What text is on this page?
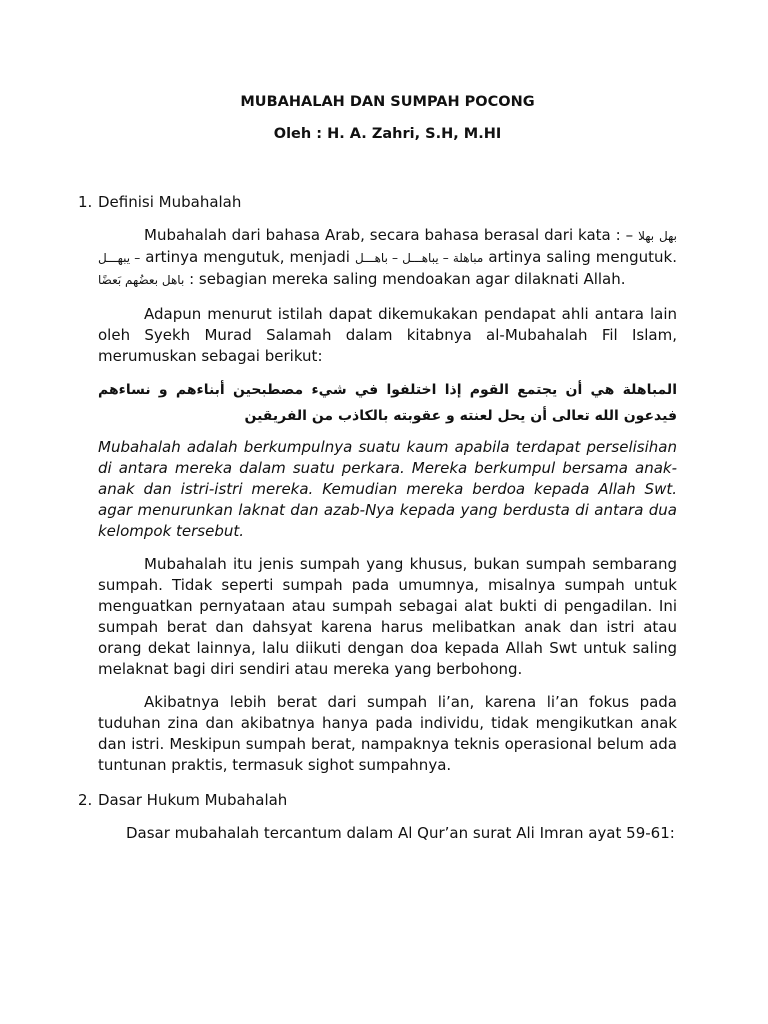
MUBAHALAH DAN SUMPAH POCONG
Oleh : H. A. Zahri, S.H, M.HI
1. Definisi Mubahalah

Mubahalah dari bahasa Arab, secara bahasa berasal dari kata : – بهل بهلا – يبهـــل artinya mengutuk, menjadi مباهلة – يباهـــل – باهـــل artinya saling mengutuk. باهل بعضُهم بَعضًا : sebagian mereka saling mendoakan agar dilaknati Allah.

Adapun menurut istilah dapat dikemukakan pendapat ahli antara lain oleh Syekh Murad Salamah dalam kitabnya al-Mubahalah Fil Islam, merumuskan sebagai berikut:

المباهلة هي أن يجتمع القوم إذا اختلفوا في شيء مصطبحين أبناءهم و نساءهم فيدعون الله تعالى أن يحل لعنته و عقوبته بالكاذب من الفريقين

Mubahalah adalah berkumpulnya suatu kaum apabila terdapat perselisihan di antara mereka dalam suatu perkara. Mereka berkumpul bersama anak-anak dan istri-istri mereka. Kemudian mereka berdoa kepada Allah Swt. agar menurunkan laknat dan azab-Nya kepada yang berdusta di antara dua kelompok tersebut.

Mubahalah itu jenis sumpah yang khusus, bukan sumpah sembarang sumpah. Tidak seperti sumpah pada umumnya, misalnya sumpah untuk menguatkan pernyataan atau sumpah sebagai alat bukti di pengadilan. Ini sumpah berat dan dahsyat karena harus melibatkan anak dan istri atau orang dekat lainnya, lalu diikuti dengan doa kepada Allah Swt untuk saling melaknat bagi diri sendiri atau mereka yang berbohong.

Akibatnya lebih berat dari sumpah li’an, karena li’an fokus pada tuduhan zina dan akibatnya hanya pada individu, tidak mengikutkan anak dan istri. Meskipun sumpah berat, nampaknya teknis operasional belum ada tuntunan praktis, termasuk sighot sumpahnya.

2. Dasar Hukum Mubahalah

Dasar mubahalah tercantum dalam Al Qur’an surat Ali Imran ayat 59-61:
